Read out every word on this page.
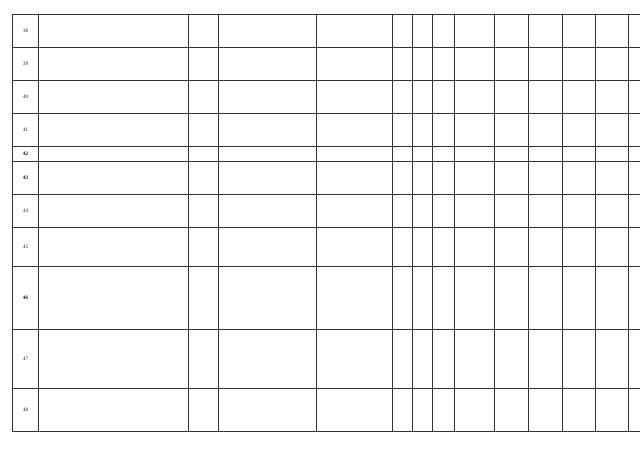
38													
39													
40													
41													
42													
43													
44													
45													
46													
47													
48													
